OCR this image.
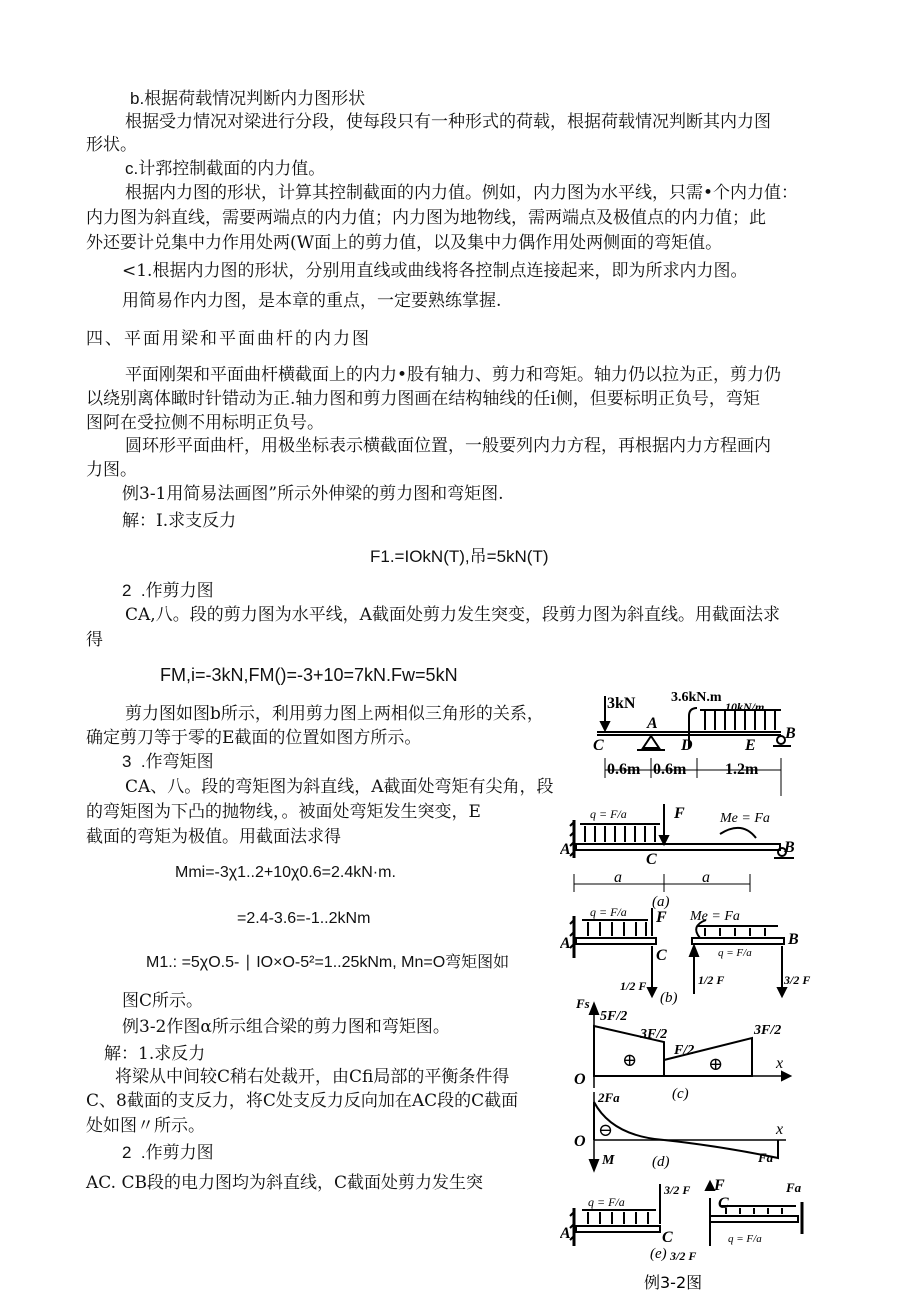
b.根据荷载情况判断内力图形状
根据受力情况对梁进行分段，使每段只有一种形式的荷载，根据荷载情况判断其内力图
形状。
c.计郛控制截面的内力值。
根据内力图的形状，计算其控制截面的内力值。例如，内力图为水平线，只需•个内力值：
内力图为斜直线，需要两端点的内力值；内力图为地物线，需两端点及极值点的内力值；此
外还要计兑集中力作用处两(W面上的剪力值，以及集中力偶作用处两侧面的弯矩值。
<1.根据内力图的形状，分别用直线或曲线将各控制点连接起来，即为所求内力图。
用简易作内力图，是本章的重点，一定要熟练掌握.
四、平面用梁和平面曲杆的内力图
平面刚架和平面曲杆横截面上的内力•股有轴力、剪力和弯矩。轴力仍以拉为正，剪力仍
以绕别离体瞰时针错动为正.轴力图和剪力图画在结构轴线的任i侧，但要标明正负号，弯矩
图阿在受拉侧不用标明正负号。
圆环形平面曲杆，用极坐标表示横截面位置，一般要列内力方程，再根据内力方程画内
力图。
例3-1用简易法画图”所示外伸梁的剪力图和弯矩图.
解：I.求支反力
F1.=IOkN(T),吊=5kN(T)
2  .作剪力图
CA,八。段的剪力图为水平线，A截面处剪力发生突变，段剪力图为斜直线。用截面法求
得
FM,i=-3kN,FM()=-3+10=7kN.Fw=5kN
剪力图如图b所示，利用剪力图上两相似三角形的关系，
确定剪刀等于零的E截面的位置如图方所示。
3  .作弯矩图
CA、八。段的弯矩图为斜直线，A截面处弯矩有尖角，段
的弯矩图为下凸的抛物线，。被面处弯矩发生突变，E
截面的弯矩为极值。用截面法求得
Mmi=-3χ1..2+10χ0.6=2.4kN·m.
=2.4-3.6=-1..2kNm
M1.: =5χO.5- ∣ IO×O-5²=1..25kNm, Mn=O弯矩图如
图C所示。
例3-2作图α所示组合梁的剪力图和弯矩图。
解：1.求反力
将梁从中间较C稍右处裁开，由Cfi局部的平衡条件得
C、8截面的支反力，将C处支反力反向加在AC段的C截面
处如图〃所示。
2  .作剪力图
AC. CB段的电力图均为斜直线，C截面处剪力发生突
3kN	3.6kN.m
10kN/m
A
B
C	D	E
0.6m 0.6m 1.2m
q = F/a	F	Me = Fa
A
C
B
a	a
(a)
q = F/a F
A
C
Me = Fa
B
q = F/a
1/2 F
(b)
1/2 F	3/2 F
Fs
5F/2
3F/2
F/2
3F/2
⊕	⊕
O
x
(c)
2Fa
⊖
O
x
M	Fa
(d)
q = F/a
3/2 F F
C
Fa
A	C
3/2 F
q = F/a
(e)
例3-2图
